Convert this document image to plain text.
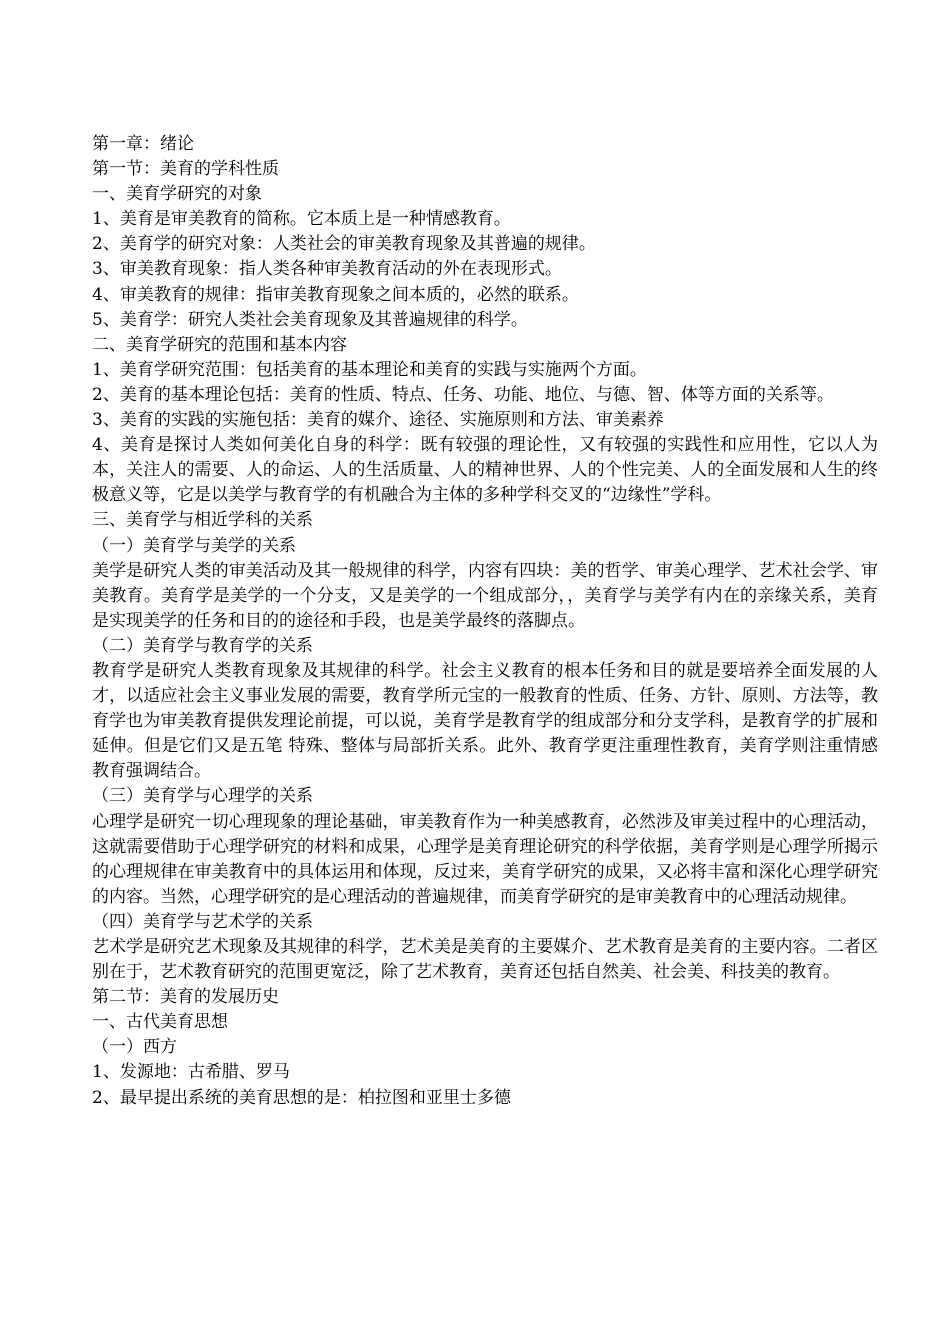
第一章：绪论
第一节：美育的学科性质
一、美育学研究的对象
1、美育是审美教育的简称。它本质上是一种情感教育。
2、美育学的研究对象：人类社会的审美教育现象及其普遍的规律。
3、审美教育现象：指人类各种审美教育活动的外在表现形式。
4、审美教育的规律：指审美教育现象之间本质的，必然的联系。
5、美育学：研究人类社会美育现象及其普遍规律的科学。
二、美育学研究的范围和基本内容
1、美育学研究范围：包括美育的基本理论和美育的实践与实施两个方面。
2、美育的基本理论包括：美育的性质、特点、任务、功能、地位、与德、智、体等方面的关系等。
3、美育的实践的实施包括：美育的媒介、途径、实施原则和方法、审美素养
4、美育是探讨人类如何美化自身的科学：既有较强的理论性，又有较强的实践性和应用性，它以人为本，关注人的需要、人的命运、人的生活质量、人的精神世界、人的个性完美、人的全面发展和人生的终极意义等，它是以美学与教育学的有机融合为主体的多种学科交叉的“边缘性”学科。
三、美育学与相近学科的关系
（一）美育学与美学的关系
美学是研究人类的审美活动及其一般规律的科学，内容有四块：美的哲学、审美心理学、艺术社会学、审美教育。美育学是美学的一个分支，又是美学的一个组成部分，，美育学与美学有内在的亲缘关系，美育是实现美学的任务和目的的途径和手段，也是美学最终的落脚点。
（二）美育学与教育学的关系
教育学是研究人类教育现象及其规律的科学。社会主义教育的根本任务和目的就是要培养全面发展的人才，以适应社会主义事业发展的需要，教育学所元宝的一般教育的性质、任务、方针、原则、方法等，教育学也为审美教育提供发理论前提，可以说，美育学是教育学的组成部分和分支学科，是教育学的扩展和延伸。但是它们又是五笔 特殊、整体与局部折关系。此外、教育学更注重理性教育，美育学则注重情感教育强调结合。
（三）美育学与心理学的关系
心理学是研究一切心理现象的理论基础，审美教育作为一种美感教育，必然涉及审美过程中的心理活动，这就需要借助于心理学研究的材料和成果，心理学是美育理论研究的科学依据，美育学则是心理学所揭示的心理规律在审美教育中的具体运用和体现，反过来，美育学研究的成果，又必将丰富和深化心理学研究的内容。当然，心理学研究的是心理活动的普遍规律，而美育学研究的是审美教育中的心理活动规律。
（四）美育学与艺术学的关系
艺术学是研究艺术现象及其规律的科学，艺术美是美育的主要媒介、艺术教育是美育的主要内容。二者区别在于，艺术教育研究的范围更宽泛，除了艺术教育，美育还包括自然美、社会美、科技美的教育。
第二节：美育的发展历史
一、古代美育思想
（一）西方
1、发源地：古希腊、罗马
2、最早提出系统的美育思想的是：柏拉图和亚里士多德
